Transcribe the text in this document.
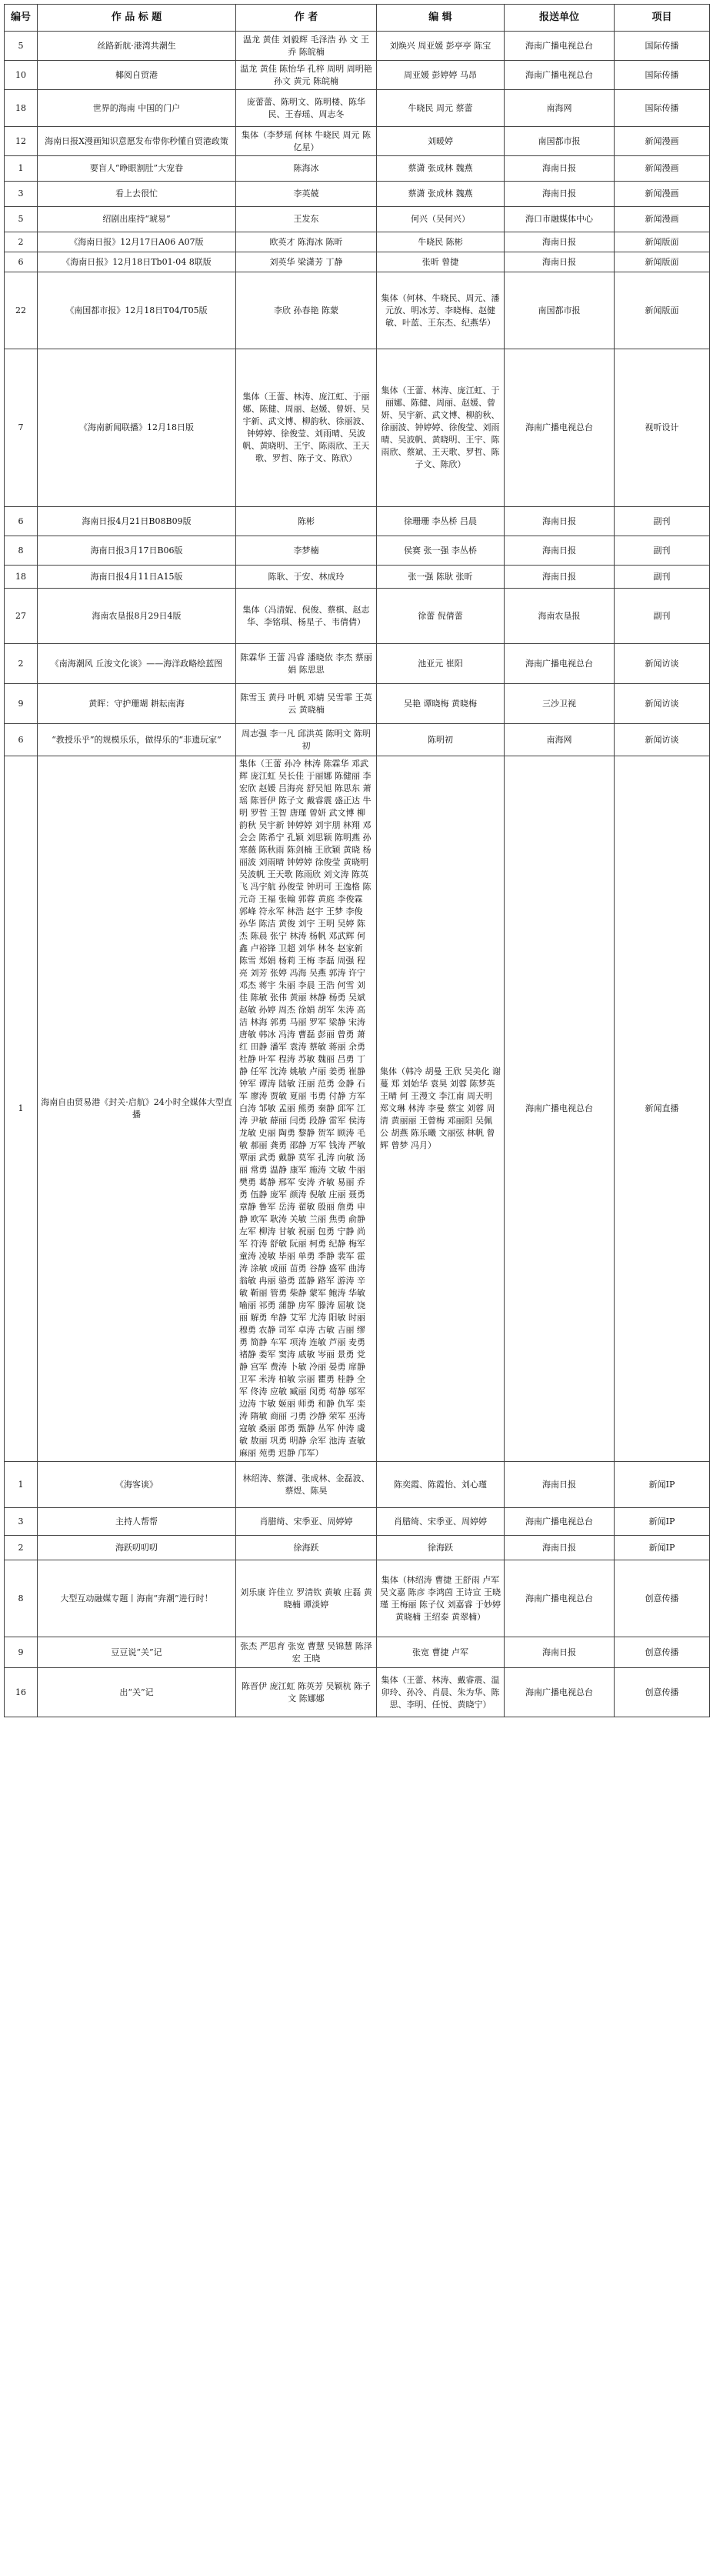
编号	作 品 标 题	作 者	编 辑	报送单位	项目
5	丝路新航·港湾共潮生	温龙 黄佳 刘毅辉 毛泽浩 孙 文 王乔 陈皖楠	刘焕兴 周亚媛 彭亭亭 陈宝	海南广播电视总台	国际传播
10	椰阅自贸港	温龙 黄佳 陈怡华 孔梓 周明 周明艳 孙文 黄元 陈皖楠	周亚媛 彭婷婷 马昂	海南广播电视总台	国际传播
18	世界的海南 中国的门户	庞蕾蕾、陈明文、陈明楼、陈华民、王春瑶、周志冬	牛晓民 周元 蔡蕾	南海网	国际传播
12	海南日报X漫画知识意愿发布带你秒懂自贸港政策	集体（李梦瑶 何林 牛晓民 周元 陈亿星）	刘暖婷	南国都市报	新闻漫画
1	要盲人“睁眼割肚”大宠眷	陈海冰	蔡潇 张成林 魏燕	海南日报	新闻漫画
3	看上去很忙	李英兢	蔡潇 张成林 魏燕	海南日报	新闻漫画
5	绍剧出座持“琥易”	王发东	何兴（吴何兴）	海口市融媒体中心	新闻漫画
2	《海南日报》12月17日A06 A07版	欧英才 陈海冰 陈昕	牛晓民 陈彬	海南日报	新闻版面
6	《海南日报》12月18日Tb01-04 8联版	刘英华 梁潇芳 丁静	张昕 曾捷	海南日报	新闻版面
22	《南国都市报》12月18日T04/T05版	李欣 孙春艳 陈蒙	集体（何林、牛晓民、周元、潘元放、明冰芳、李晓梅、赵健敏、叶蓝、王东杰、纪燕华）	南国都市报	新闻版面
7	《海南新闻联播》12月18日版	集体（王蕾、林涛、庞江虹、于丽娜、陈健、周丽、赵媛、曾妍、吴宇新、武文博、柳韵秋、徐丽波、钟婷婷、徐俊莹、刘雨晴、吴波帆、黄晓明、王宇、陈雨欣、王天歌、罗哲、陈子文、陈欣）	集体（王蕾、林涛、庞江虹、于丽娜、陈健、周丽、赵媛、曾妍、吴宇新、武文博、柳韵秋、徐丽波、钟婷婷、徐俊莹、刘雨晴、吴波帆、黄晓明、王宇、陈雨欣、蔡斌、王天歌、罗哲、陈子文、陈欣）	海南广播电视总台	视听设计
6	海南日报4月21日B08B09版	陈彬	徐珊珊 李丛桥 吕晨	海南日报	副刊
8	海南日报3月17日B06版	李梦楠	侯赛 张一强 李丛桥	海南日报	副刊
18	海南日报4月11日A15版	陈耿、于安、林成玲	张一强 陈耿 张昕	海南日报	副刊
27	海南农垦报8月29日4版	集体（冯清妮、倪俊、蔡棋、赵志华、李铭琪、杨星子、韦倩倩）	徐蕾 倪倩蕾	海南农垦报	副刊
2	《南海潮风 丘浚文化谈》——海洋政略绘蓝图	陈霖华 王蕾 冯睿 潘晓依 李杰 蔡丽娟 陈思思	池亚元 崔阳	海南广播电视总台	新闻访谈
9	黄晖：守护珊瑚 耕耘南海	陈雪玉 黄丹 叶帆 邓婧 吴雪霏 王英云 黄晓楠	吴艳 谭晓梅 黄晓梅	三沙卫视	新闻访谈
6	“教授乐乎”的规模乐乐，做得乐的“非遗玩家”	周志强 李一凡 邱洪英 陈明文 陈明初	陈明初	南海网	新闻访谈
1	海南自由贸易港《封关·启航》24小时全媒体大型直播	集体（王蕾 孙冷 林涛 陈霖华 邓武辉 庞江虹 吴长佳 于丽娜 陈健丽 李宏欣 赵媛 吕海亮 舒吴旭 陈思东 萧瑶 陈晋伊 陈子文 戴睿震 盛正达 牛明 罗哲 王智 唐瑾 曾妍 武文博 柳韵秋 吴宇新 钟婷婷 刘宇朋 林翔 邓会会 陈希宁 孔颖 刘思颖 陈明燕 孙寒薇 陈秋雨 陈剑楠 王欣颖 黄晓 杨丽波 刘雨晴 钟婷婷 徐俊莹 黄晓明 吴波帆 王天歌 陈雨欣 刘文涛 陈英飞 冯宇航 孙俊莹 钟玥可 王逸格 陈元奇 王福 张翰 郭蓉 黄庭 李俊霖 郭峰 符永军 林浩 赵宇 王梦 李俊 孙华 陈洁 黄俊 刘宇 王明 吴婷 陈杰 陈晨 张宁 林涛 杨帆 邓武辉 何鑫 卢裕锋 卫超 刘华 林冬 赵家新 陈雪 郑娟 杨莉 王梅 李磊 周强 程亮 刘芳 张婷 冯海 吴燕 郭涛 许宁 邓杰 蒋宇 朱丽 李晨 王浩 何雪 刘佳 陈敏 张伟 黄丽 林静 杨勇 吴斌 赵敏 孙婷 周杰 徐娟 胡军 朱涛 高洁 林海 郭勇 马丽 罗军 梁静 宋涛 唐敏 韩冰 冯涛 曹磊 彭丽 曾勇 萧红 田静 潘军 袁涛 蔡敏 蒋丽 余勇 杜静 叶军 程涛 苏敏 魏丽 吕勇 丁静 任军 沈涛 姚敏 卢丽 姜勇 崔静 钟军 谭涛 陆敏 汪丽 范勇 金静 石军 廖涛 贾敏 夏丽 韦勇 付静 方军 白涛 邹敏 孟丽 熊勇 秦静 邱军 江涛 尹敏 薛丽 闫勇 段静 雷军 侯涛 龙敏 史丽 陶勇 黎静 贺军 顾涛 毛敏 郝丽 龚勇 邵静 万军 钱涛 严敏 覃丽 武勇 戴静 莫军 孔涛 向敏 汤丽 常勇 温静 康军 施涛 文敏 牛丽 樊勇 葛静 邢军 安涛 齐敏 易丽 乔勇 伍静 庞军 颜涛 倪敏 庄丽 聂勇 章静 鲁军 岳涛 翟敏 殷丽 詹勇 申静 欧军 耿涛 关敏 兰丽 焦勇 俞静 左军 柳涛 甘敏 祝丽 包勇 宁静 尚军 符涛 舒敏 阮丽 柯勇 纪静 梅军 童涛 凌敏 毕丽 单勇 季静 裴军 霍涛 涂敏 成丽 苗勇 谷静 盛军 曲涛 翁敏 冉丽 骆勇 蓝静 路军 游涛 辛敏 靳丽 管勇 柴静 蒙军 鲍涛 华敏 喻丽 祁勇 蒲静 房军 滕涛 屈敏 饶丽 解勇 牟静 艾军 尤涛 阳敏 时丽 穆勇 农静 司军 卓涛 古敏 吉丽 缪勇 简静 车军 项涛 连敏 芦丽 麦勇 褚静 娄军 窦涛 戚敏 岑丽 景勇 党静 宫军 费涛 卜敏 冷丽 晏勇 席静 卫军 米涛 柏敏 宗丽 瞿勇 桂静 全军 佟涛 应敏 臧丽 闵勇 苟静 邬军 边涛 卞敏 姬丽 师勇 和静 仇军 栾涛 隋敏 商丽 刁勇 沙静 荣军 巫涛 寇敏 桑丽 郎勇 甄静 丛军 仲涛 虞敏 敖丽 巩勇 明静 佘军 池涛 查敏 麻丽 苑勇 迟静 邝军）	集体（韩冷 胡曼 王欣 吴美化 谢蔓 郑 刘始华 袁昊 刘蓉 陈梦英 王晴 何 王漫文 李江南 周天明 郑文琳 林涛 李曼 蔡宝 刘蓉 周清 黄丽丽 王曾梅 邓丽阳 吴佩 公 胡燕 陈乐曦 文丽弦 林帆 曾辉 曾梦 冯月）	海南广播电视总台	新闻直播
1	《海客谈》	林绍涛、蔡潇、张成林、金磊波、蔡煜、陈昊	陈奕霞、陈霞怡、刘心瑾	海南日报	新闻IP
3	主持人帮帮	肖腊绮、宋季亚、周婷婷	肖腊绮、宋季亚、周婷婷	海南广播电视总台	新闻IP
2	海跃叨叨叨	徐海跃	徐海跃	海南日报	新闻IP
8	大型互动融媒专题丨海南“奔潮”进行时！	刘乐康 许佳立 罗清钦 黄敏 庄磊 黄晓楠 谭淡婷	集体（林绍涛 曹捷 王舒雨 卢军 吴文嘉 陈彦 李鸿茵 王诗宣 王晓瑾 王梅丽 陈子仪 刘嘉睿 于妙婷 黄晓楠 王绍泰 黄翠楠）	海南广播电视总台	创意传播
9	豆豆说“关”记	张杰 严思育 张宽 曹慧 吴锦慧 陈泽宏 王晓	张宽 曹捷 卢军	海南日报	创意传播
16	出“关”记	陈晋伊 庞江虹 陈英芳 吴颖杭 陈子文 陈娜娜	集体（王蕾、林涛、戴睿震、温卯玲、孙冷、肖晨、朱为华、陈思、李明、任悦、黄晓宁）	海南广播电视总台	创意传播
